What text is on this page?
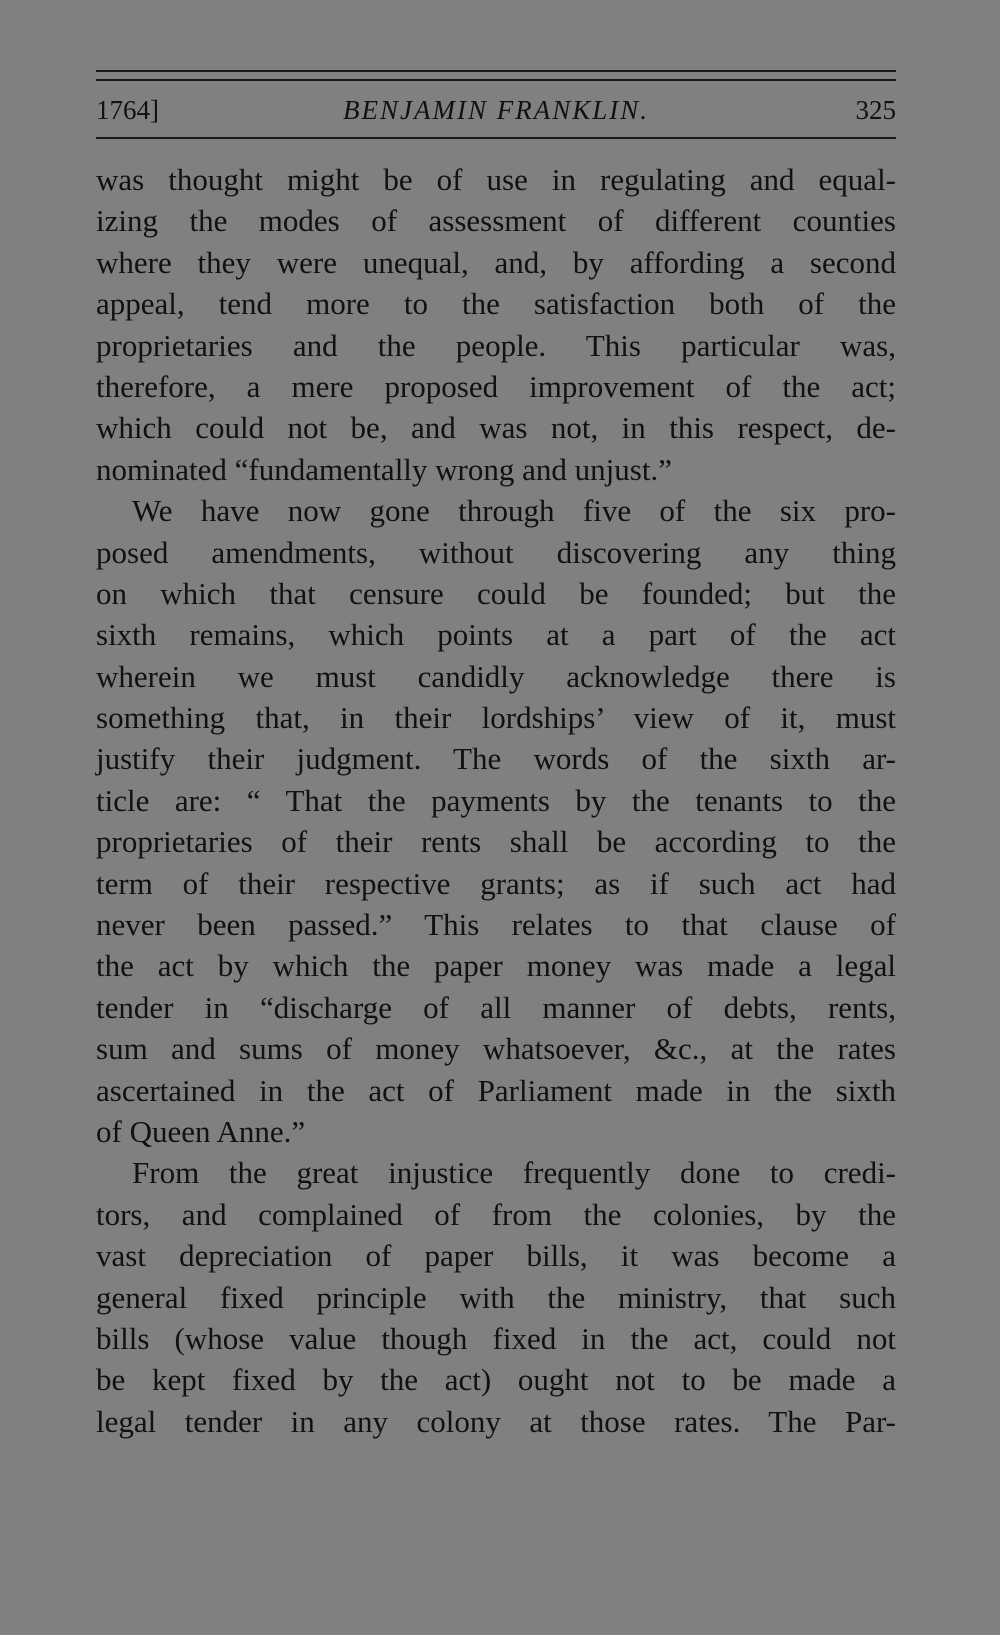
1764]	BENJAMIN FRANKLIN.	325
was thought might be of use in regulating and equal-
izing the modes of assessment of different counties
where they were unequal, and, by affording a second
appeal, tend more to the satisfaction both of the
proprietaries and the people. This particular was,
therefore, a mere proposed improvement of the act;
which could not be, and was not, in this respect, de-
nominated “fundamentally wrong and unjust.”
We have now gone through five of the six pro-
posed amendments, without discovering any thing
on which that censure could be founded; but the
sixth remains, which points at a part of the act
wherein we must candidly acknowledge there is
something that, in their lordships’ view of it, must
justify their judgment. The words of the sixth ar-
ticle are: “ That the payments by the tenants to the
proprietaries of their rents shall be according to the
term of their respective grants; as if such act had
never been passed.” This relates to that clause of
the act by which the paper money was made a legal
tender in “discharge of all manner of debts, rents,
sum and sums of money whatsoever, &c., at the rates
ascertained in the act of Parliament made in the sixth
of Queen Anne.”
From the great injustice frequently done to credi-
tors, and complained of from the colonies, by the
vast depreciation of paper bills, it was become a
general fixed principle with the ministry, that such
bills (whose value though fixed in the act, could not
be kept fixed by the act) ought not to be made a
legal tender in any colony at those rates. The Par-
